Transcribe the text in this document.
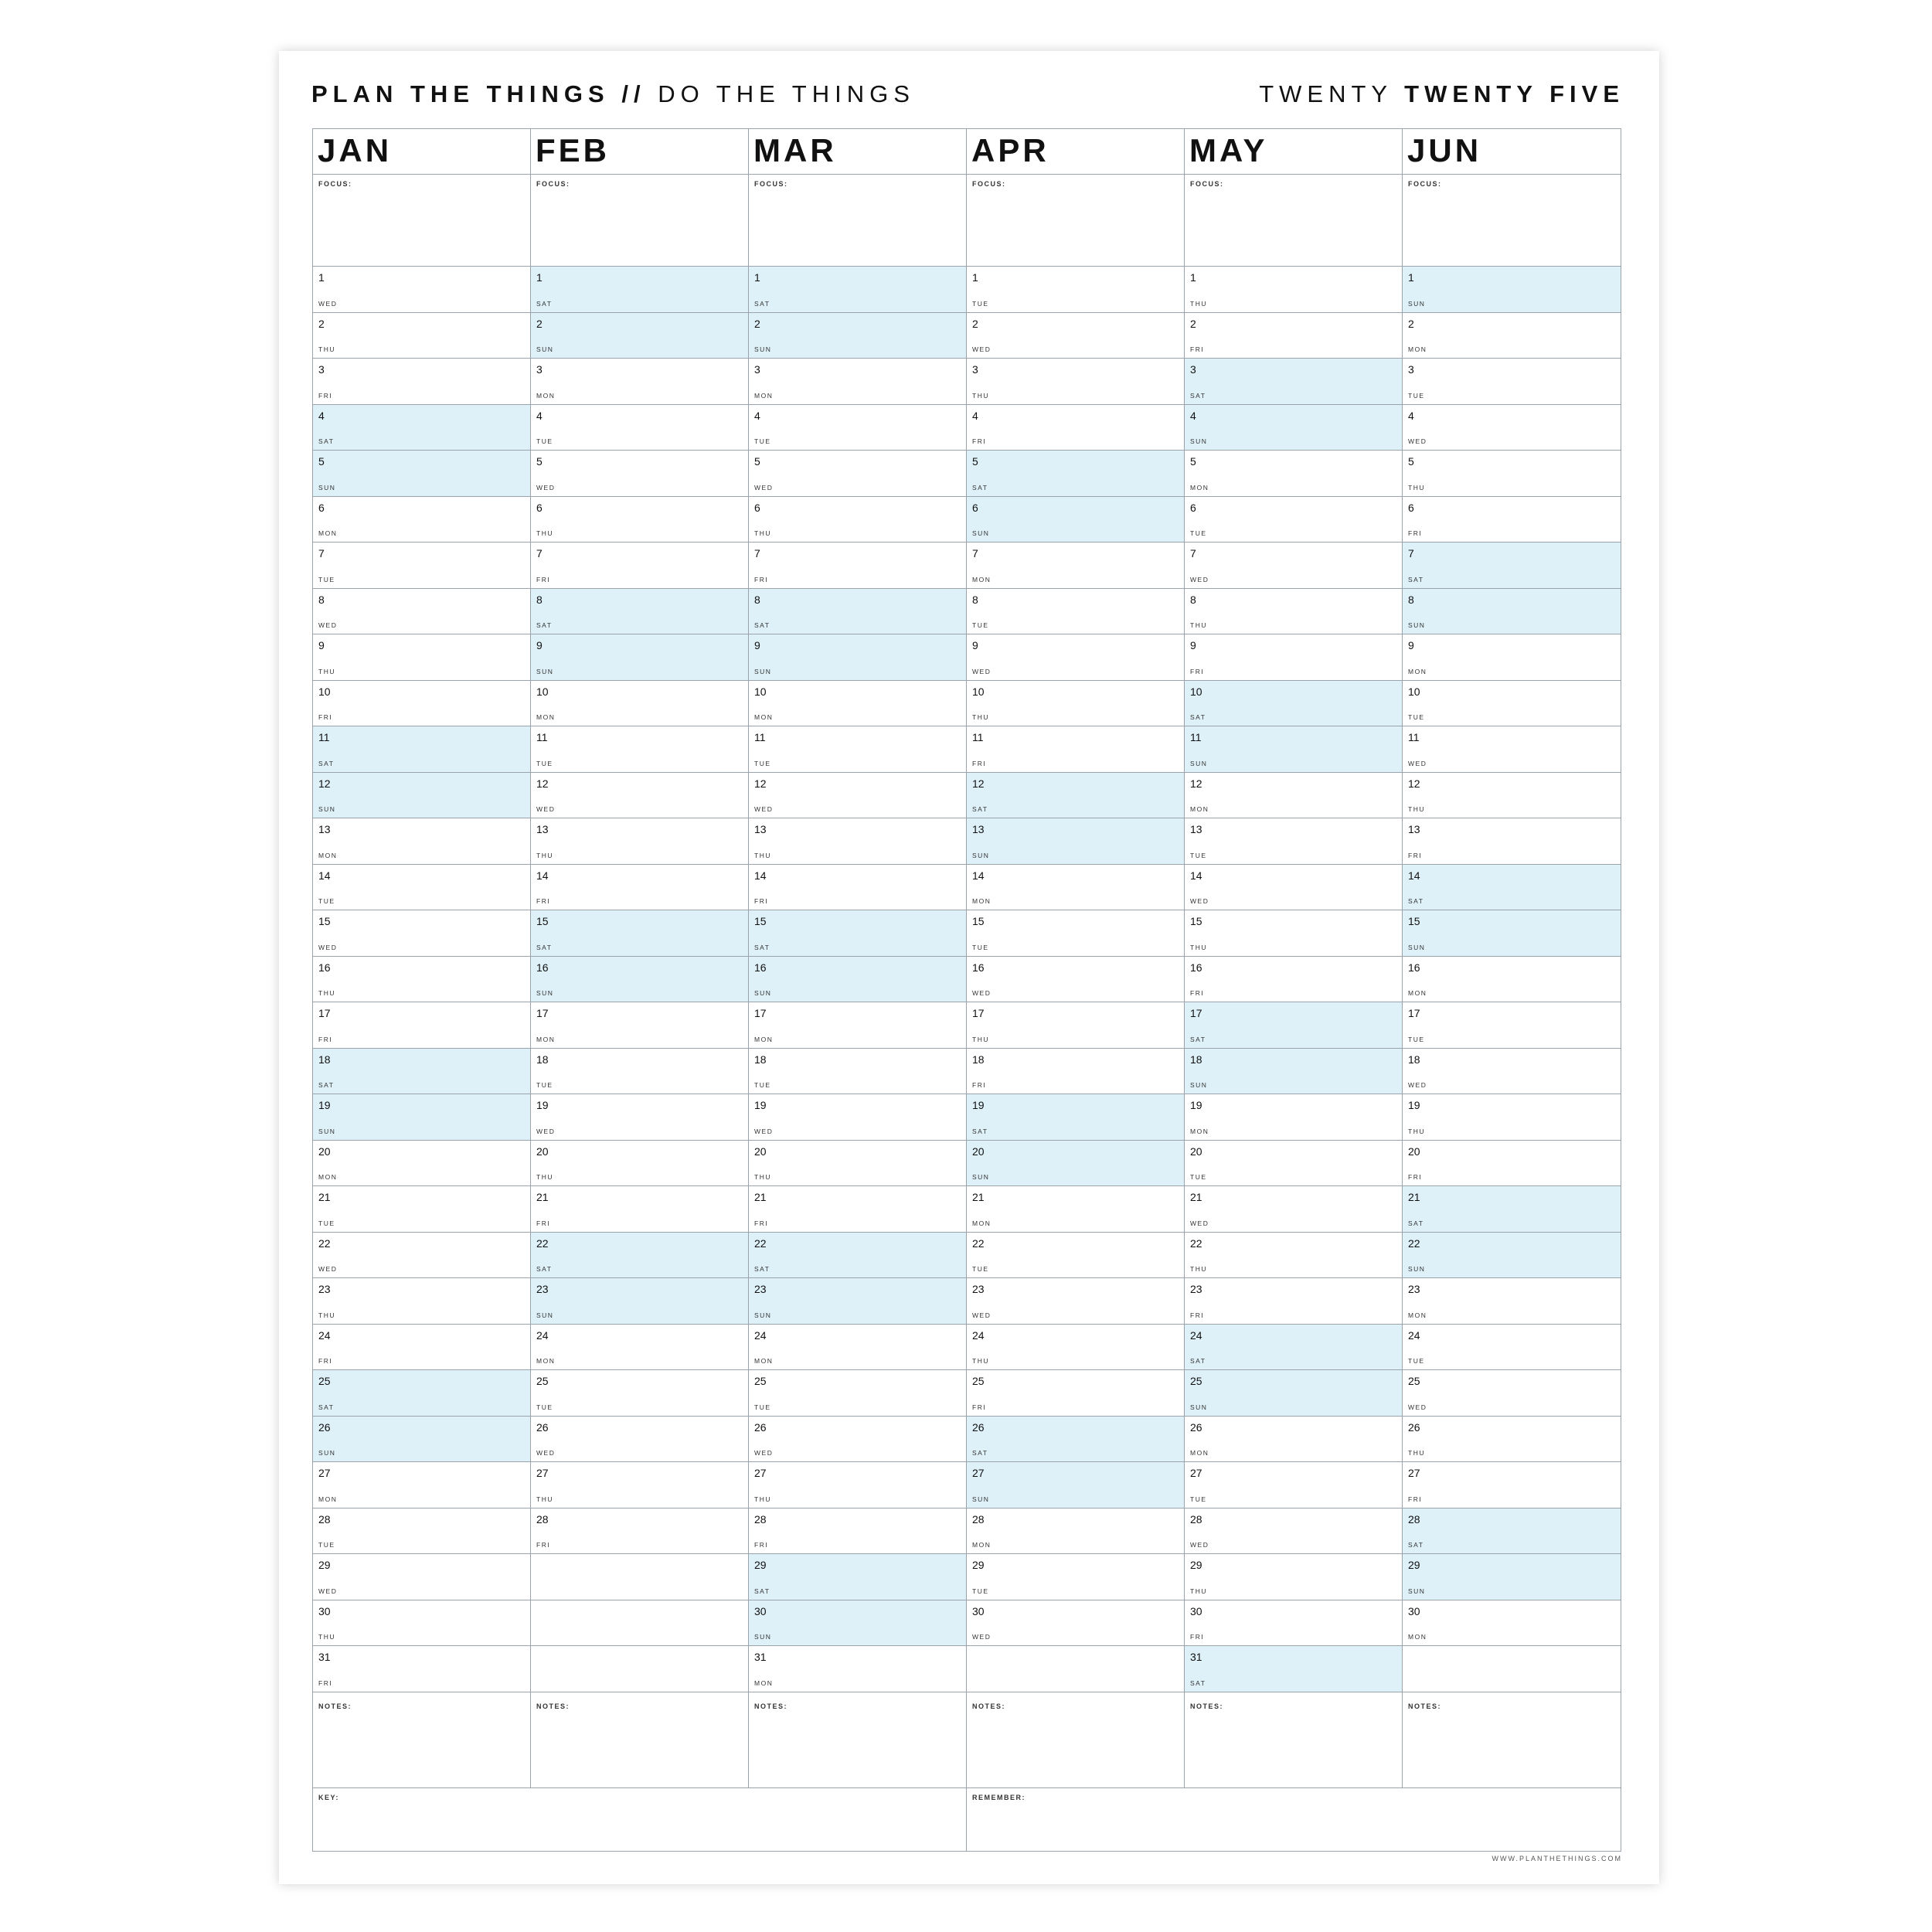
PLAN THE THINGS // DO THE THINGS	TWENTY TWENTY FIVE
JAN
FOCUS:
1
WED
2
THU
3
FRI
4
SAT
5
SUN
6
MON
7
TUE
8
WED
9
THU
10
FRI
11
SAT
12
SUN
13
MON
14
TUE
15
WED
16
THU
17
FRI
18
SAT
19
SUN
20
MON
21
TUE
22
WED
23
THU
24
FRI
25
SAT
26
SUN
27
MON
28
TUE
29
WED
30
THU
31
FRI
NOTES:
FEB
FOCUS:
1
SAT
2
SUN
3
MON
4
TUE
5
WED
6
THU
7
FRI
8
SAT
9
SUN
10
MON
11
TUE
12
WED
13
THU
14
FRI
15
SAT
16
SUN
17
MON
18
TUE
19
WED
20
THU
21
FRI
22
SAT
23
SUN
24
MON
25
TUE
26
WED
27
THU
28
FRI
NOTES:
MAR
FOCUS:
1
SAT
2
SUN
3
MON
4
TUE
5
WED
6
THU
7
FRI
8
SAT
9
SUN
10
MON
11
TUE
12
WED
13
THU
14
FRI
15
SAT
16
SUN
17
MON
18
TUE
19
WED
20
THU
21
FRI
22
SAT
23
SUN
24
MON
25
TUE
26
WED
27
THU
28
FRI
29
SAT
30
SUN
31
MON
NOTES:
APR
FOCUS:
1
TUE
2
WED
3
THU
4
FRI
5
SAT
6
SUN
7
MON
8
TUE
9
WED
10
THU
11
FRI
12
SAT
13
SUN
14
MON
15
TUE
16
WED
17
THU
18
FRI
19
SAT
20
SUN
21
MON
22
TUE
23
WED
24
THU
25
FRI
26
SAT
27
SUN
28
MON
29
TUE
30
WED
NOTES:
MAY
FOCUS:
1
THU
2
FRI
3
SAT
4
SUN
5
MON
6
TUE
7
WED
8
THU
9
FRI
10
SAT
11
SUN
12
MON
13
TUE
14
WED
15
THU
16
FRI
17
SAT
18
SUN
19
MON
20
TUE
21
WED
22
THU
23
FRI
24
SAT
25
SUN
26
MON
27
TUE
28
WED
29
THU
30
FRI
31
SAT
NOTES:
JUN
FOCUS:
1
SUN
2
MON
3
TUE
4
WED
5
THU
6
FRI
7
SAT
8
SUN
9
MON
10
TUE
11
WED
12
THU
13
FRI
14
SAT
15
SUN
16
MON
17
TUE
18
WED
19
THU
20
FRI
21
SAT
22
SUN
23
MON
24
TUE
25
WED
26
THU
27
FRI
28
SAT
29
SUN
30
MON
NOTES:
KEY:	REMEMBER:
WWW.PLANTHETHINGS.COM
